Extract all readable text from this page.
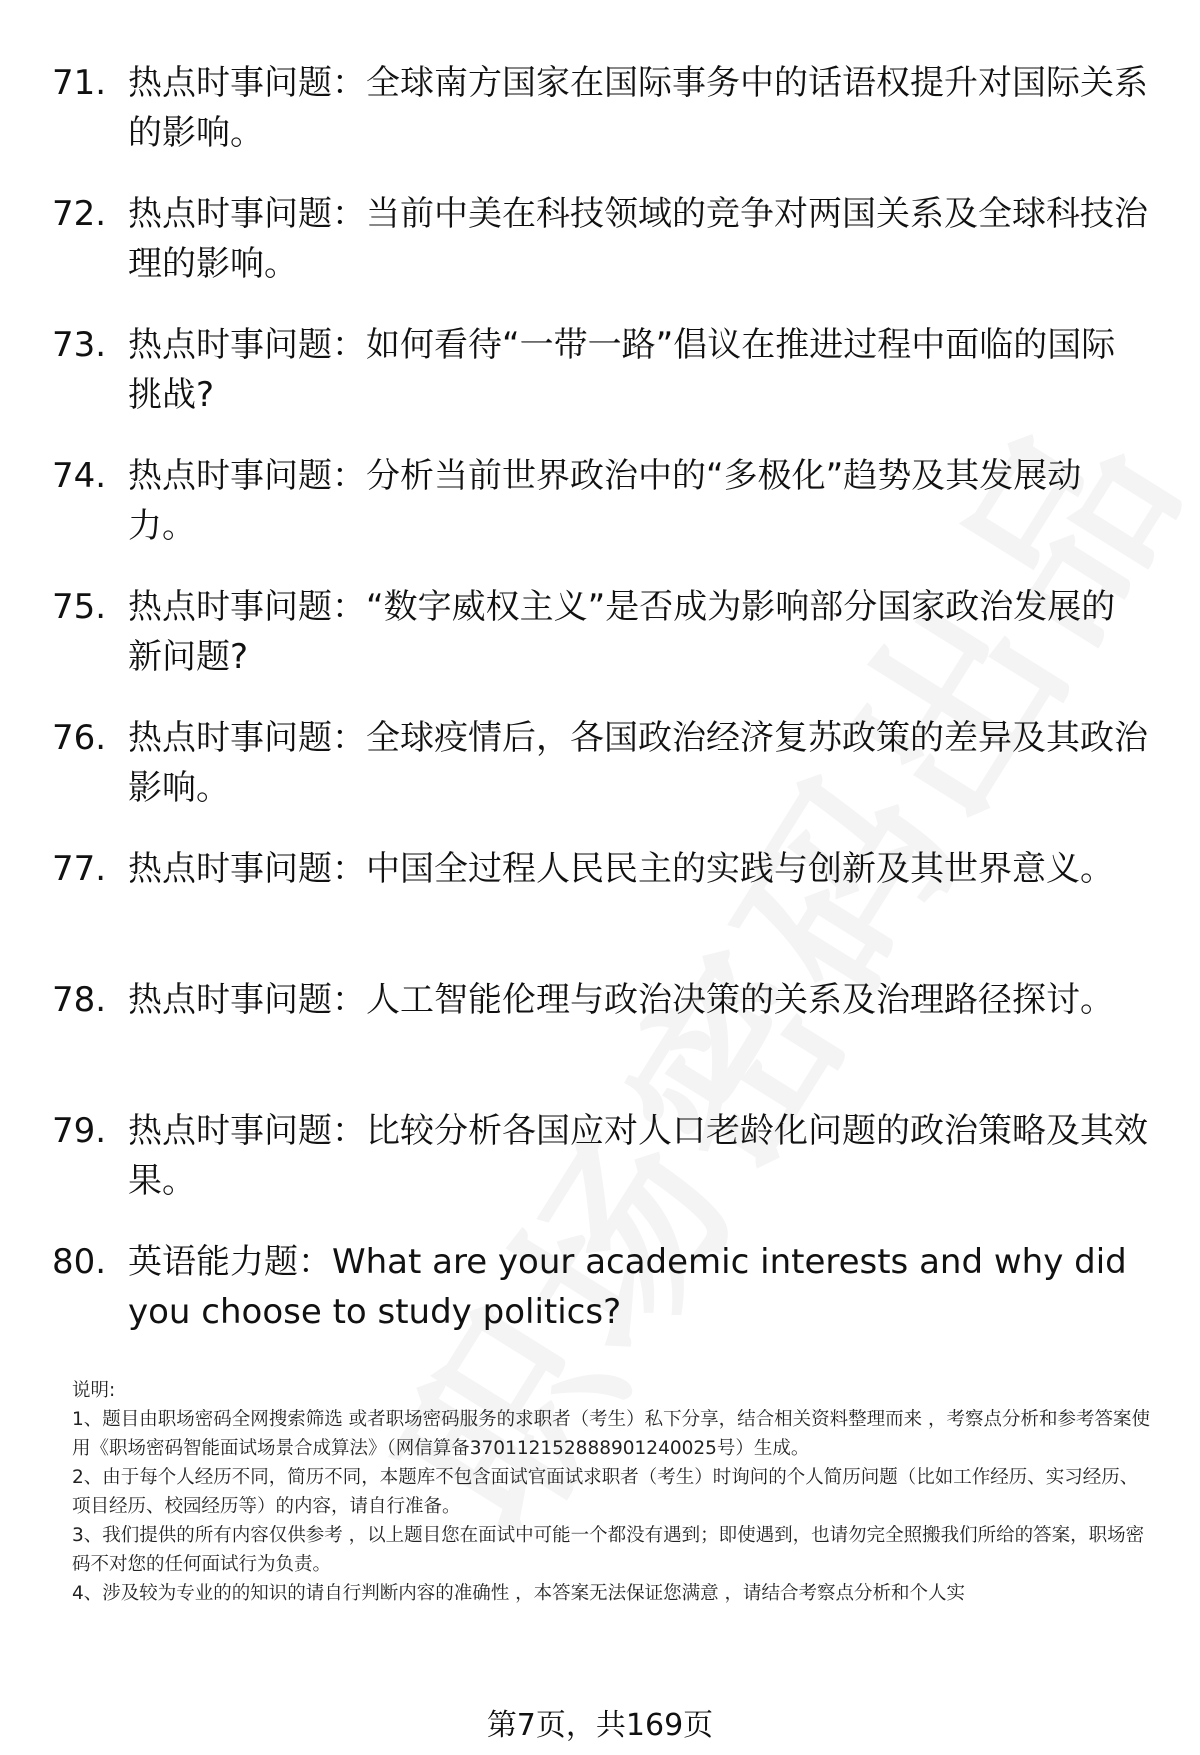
71. 热点时事问题：全球南方国家在国际事务中的话语权提升对国际关系的影响。
72. 热点时事问题：当前中美在科技领域的竞争对两国关系及全球科技治理的影响。
73. 热点时事问题：如何看待“一带一路”倡议在推进过程中面临的国际挑战?
74. 热点时事问题：分析当前世界政治中的“多极化”趋势及其发展动力。
75. 热点时事问题：“数字威权主义”是否成为影响部分国家政治发展的新问题?
76. 热点时事问题：全球疫情后，各国政治经济复苏政策的差异及其政治影响。
77. 热点时事问题：中国全过程人民民主的实践与创新及其世界意义。
78. 热点时事问题：人工智能伦理与政治决策的关系及治理路径探讨。
79. 热点时事问题：比较分析各国应对人口老龄化问题的政治策略及其效果。
80. 英语能力题：What are your academic interests and why did you choose to study politics?

说明:

1、题目由职场密码全网搜索筛选 或者职场密码服务的求职者（考生）私下分享，结合相关资料整理而来 ，考察点分析和参考答案使用《职场密码智能面试场景合成算法》（网信算备370112152888901240025号）生成。

2、由于每个人经历不同，简历不同，本题库不包含面试官面试求职者（考生）时询问的个人简历问题（比如工作经历、实习经历、项目经历、校园经历等）的内容，请自行准备。

3、我们提供的所有内容仅供参考 ，以上题目您在面试中可能一个都没有遇到；即使遇到，也请勿完全照搬我们所给的答案，职场密码不对您的任何面试行为负责。

4、涉及较为专业的的知识的请自行判断内容的准确性 ，本答案无法保证您满意 ，请结合考察点分析和个人实

第7页，共169页
